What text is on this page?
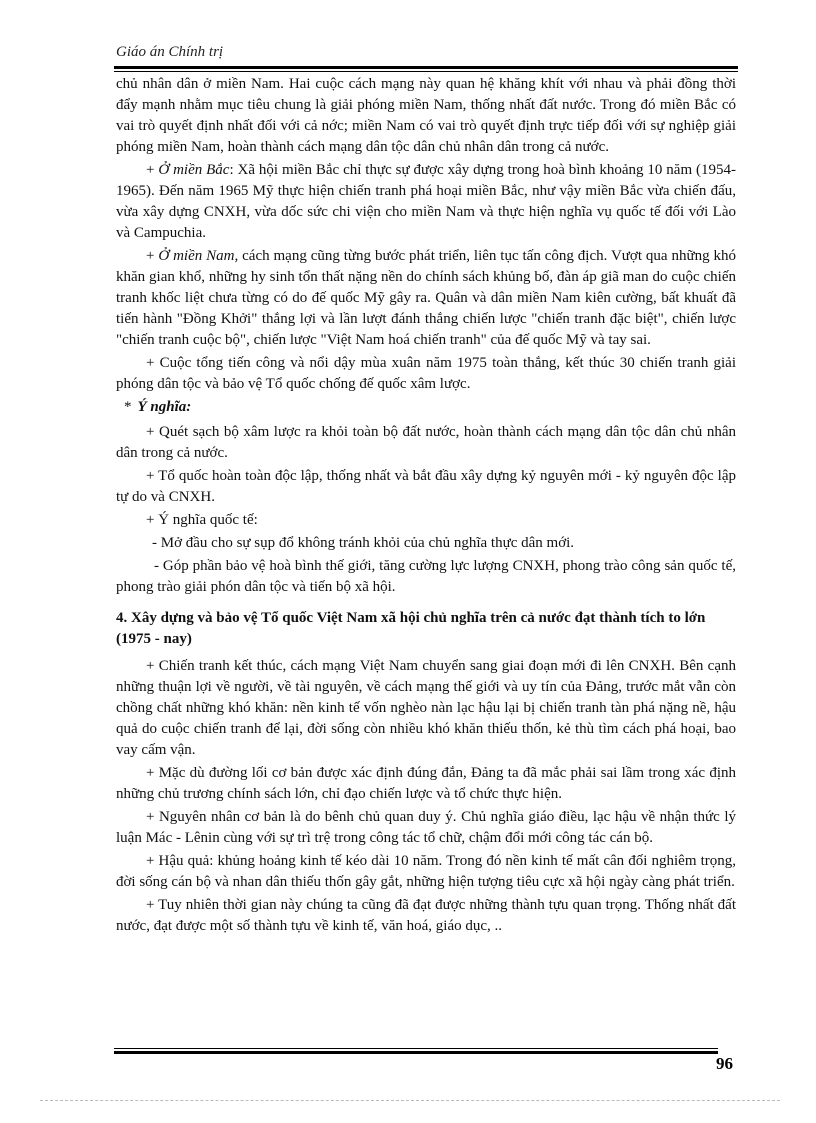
Giáo án Chính trị

chủ nhân dân ở miền Nam. Hai cuộc cách mạng này quan hệ khăng khít với nhau và phải đồng thời đẩy mạnh nhằm mục tiêu chung là giải phóng miền Nam, thống nhất đất nước. Trong đó miền Bắc có vai trò quyết định nhất đối với cả nớc; miền Nam có vai trò quyết định trực tiếp đối với sự nghiệp giải phóng miền Nam, hoàn thành cách mạng dân tộc dân chủ nhân dân trong cả nước.

+ Ở miền Bắc: Xã hội miền Bắc chỉ thực sự được xây dựng trong hoà bình khoảng 10 năm (1954-1965). Đến năm 1965 Mỹ thực hiện chiến tranh phá hoại miền Bắc, như vậy miền Bắc vừa chiến đấu, vừa xây dựng CNXH, vừa dốc sức chi viện cho miền Nam và thực hiện nghĩa vụ quốc tế đối với Lào và Campuchia.

+ Ở miền Nam, cách mạng cũng từng bước phát triển, liên tục tấn công địch. Vượt qua những khó khăn gian khổ, những hy sinh tổn thất nặng nền do chính sách khủng bố, đàn áp giã man do cuộc chiến tranh khốc liệt chưa từng có do đế quốc Mỹ gây ra. Quân và dân miền Nam kiên cường, bất khuất đã tiến hành "Đồng Khởi" thắng lợi và lần lượt đánh thắng chiến lược "chiến tranh đặc biệt", chiến lược "chiến tranh cuộc bộ", chiến lược "Việt Nam hoá chiến tranh" của đế quốc Mỹ và tay sai.

+ Cuộc tổng tiến công và nổi dậy mùa xuân năm 1975 toàn thắng, kết thúc 30 chiến tranh giải phóng dân tộc và bảo vệ Tổ quốc chống đế quốc xâm lược.

* Ý nghĩa:

+ Quét sạch bộ xâm lược ra khỏi toàn bộ đất nước, hoàn thành cách mạng dân tộc dân chủ nhân dân trong cả nước.

+ Tổ quốc hoàn toàn độc lập, thống nhất và bắt đầu xây dựng kỷ nguyên mới - kỷ nguyên độc lập tự do và CNXH.

+ Ý nghĩa quốc tế:

- Mở đầu cho sự sụp đổ không tránh khỏi của chủ nghĩa thực dân mới.

- Góp phần bảo vệ hoà bình thế giới, tăng cường lực lượng CNXH, phong trào công sản quốc tế, phong trào giải phón dân tộc và tiến bộ xã hội.

4. Xây dựng và bảo vệ Tổ quốc Việt Nam xã hội chủ nghĩa trên cả nước đạt thành tích to lớn (1975 - nay)

+ Chiến tranh kết thúc, cách mạng Việt Nam chuyển sang giai đoạn mới đi lên CNXH. Bên cạnh những thuận lợi về người, về tài nguyên, về cách mạng thế giới và uy tín của Đảng, trước mắt vẫn còn chồng chất những khó khăn: nền kinh tế vốn nghèo nàn lạc hậu lại bị chiến tranh tàn phá nặng nề, hậu quả do cuộc chiến tranh để lại, đời sống còn nhiều khó khăn thiếu thốn, kẻ thù tìm cách phá hoại, bao vay cấm vận.

+ Mặc dù đường lối cơ bản được xác định đúng đắn, Đảng ta đã mắc phải sai lầm trong xác định những chủ trương chính sách lớn, chỉ đạo chiến lược và tổ chức thực hiện.

+ Nguyên nhân cơ bản là do bênh chủ quan duy ý. Chủ nghĩa giáo điều, lạc hậu về nhận thức lý luận Mác - Lênin cùng với sự trì trệ trong công tác tổ chữ, chậm đổi mới công tác cán bộ.

+ Hậu quả: khủng hoảng kinh tế kéo dài 10 năm. Trong đó nền kinh tế mất cân đối nghiêm trọng, đời sống cán bộ và nhan dân thiếu thốn gây gắt, những hiện tượng tiêu cực xã hội ngày càng phát triển.

+ Tuy nhiên thời gian này chúng ta cũng đã đạt được những thành tựu quan trọng. Thống nhất đất nước, đạt được một số thành tựu về kinh tế, văn hoá, giáo dục, ..

96
